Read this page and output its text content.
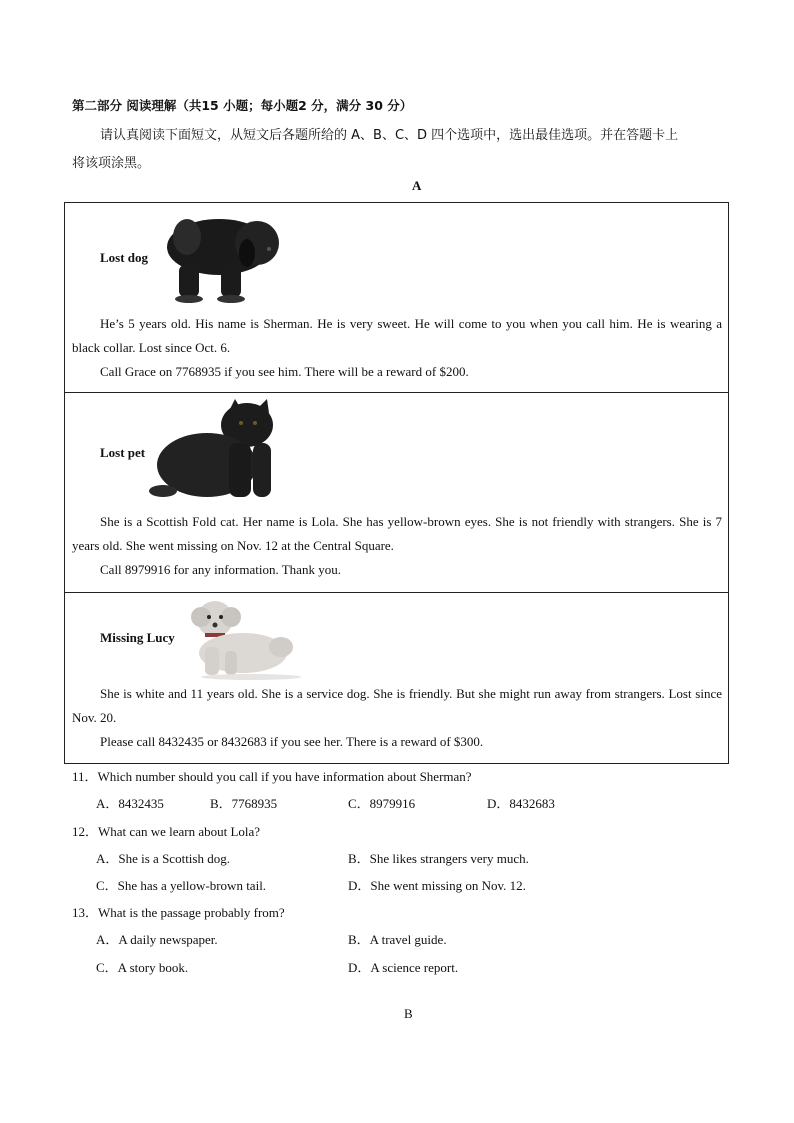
第二部分 阅读理解（共15 小题；每小题2 分，满分 30 分）
请认真阅读下面短文，从短文后各题所给的 A、B、C、D 四个选项中，选出最佳选项。并在答题卡上
将该项涂黑。
A
Lost dog
He’s 5 years old. His name is Sherman. He is very sweet. He will come to you when you call him. He is wearing a black collar. Lost since Oct. 6.
Call Grace on 7768935 if you see him. There will be a reward of $200.
Lost pet
She is a Scottish Fold cat. Her name is Lola. She has yellow-brown eyes. She is not friendly with strangers. She is 7 years old. She went missing on Nov. 12 at the Central Square.
Call 8979916 for any information. Thank you.
Missing Lucy
She is white and 11 years old. She is a service dog. She is friendly. But she might run away from strangers. Lost since Nov. 20.
Please call 8432435 or 8432683 if you see her. There is a reward of $300.
11．Which number should you call if you have information about Sherman?
A．8432435	B．7768935	C．8979916	D．8432683
12．What can we learn about Lola?
A．She is a Scottish dog.	B．She likes strangers very much.
C．She has a yellow-brown tail.	D．She went missing on Nov. 12.
13．What is the passage probably from?
A．A daily newspaper.	B．A travel guide.
C．A story book.	D．A science report.
B
